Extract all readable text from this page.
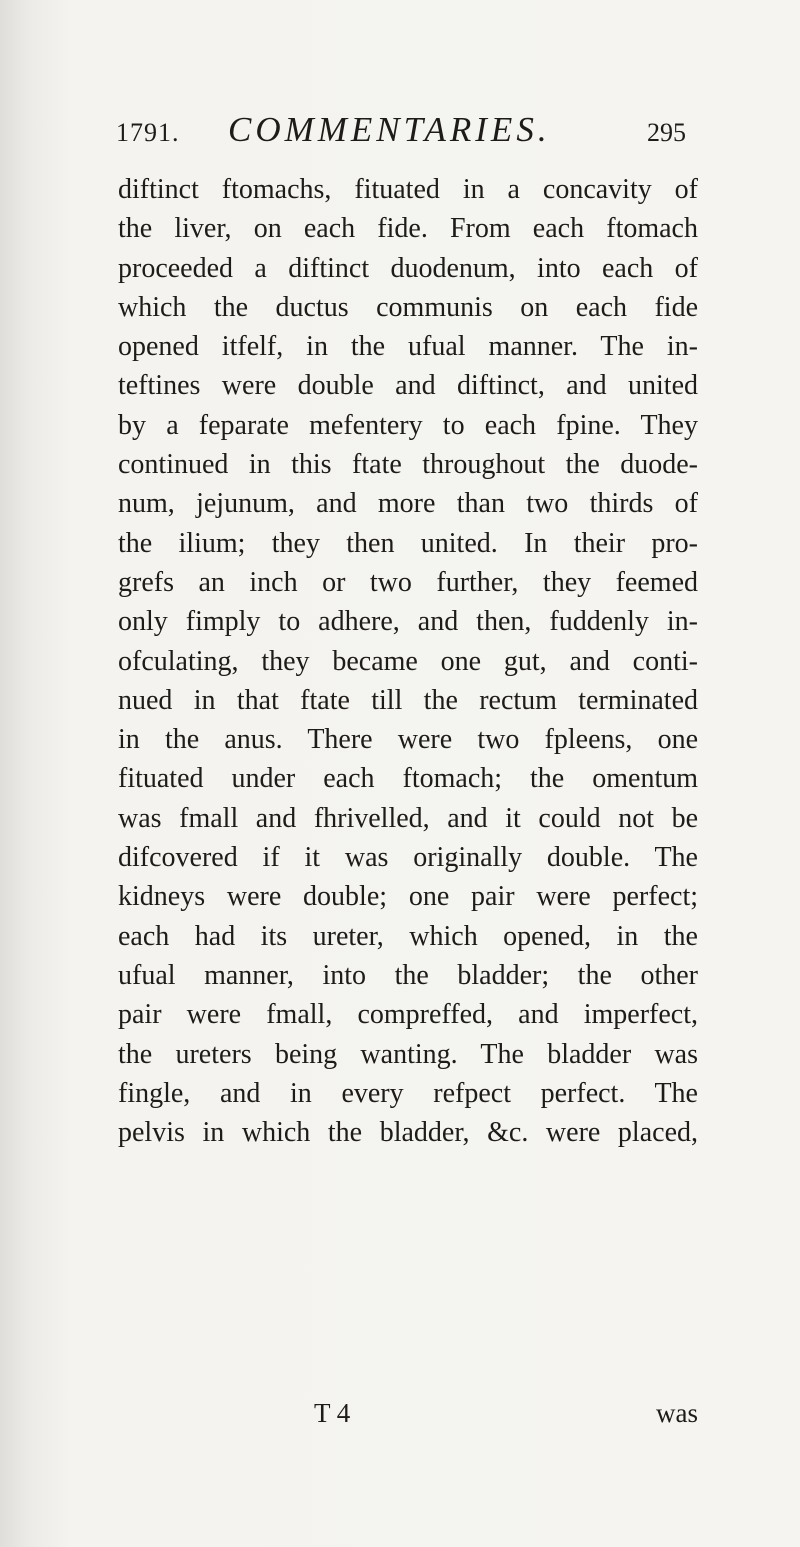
1791. COMMENTARIES.	295
diftinct ftomachs, fituated in a concavity of
the liver, on each fide. From each ftomach
proceeded a diftinct duodenum, into each of
which the ductus communis on each fide
opened itfelf, in the ufual manner. The in-
teftines were double and diftinct, and united
by a feparate mefentery to each fpine. They
continued in this ftate throughout the duode-
num, jejunum, and more than two thirds of
the ilium; they then united. In their pro-
grefs an inch or two further, they feemed
only fimply to adhere, and then, fuddenly in-
ofculating, they became one gut, and conti-
nued in that ftate till the rectum terminated
in the anus. There were two fpleens, one
fituated under each ftomach; the omentum
was fmall and fhrivelled, and it could not be
difcovered if it was originally double. The
kidneys were double; one pair were perfect;
each had its ureter, which opened, in the
ufual manner, into the bladder; the other
pair were fmall, compreffed, and imperfect,
the ureters being wanting. The bladder was
fingle, and in every refpect perfect. The
pelvis in which the bladder, &c. were placed,
T 4	was
